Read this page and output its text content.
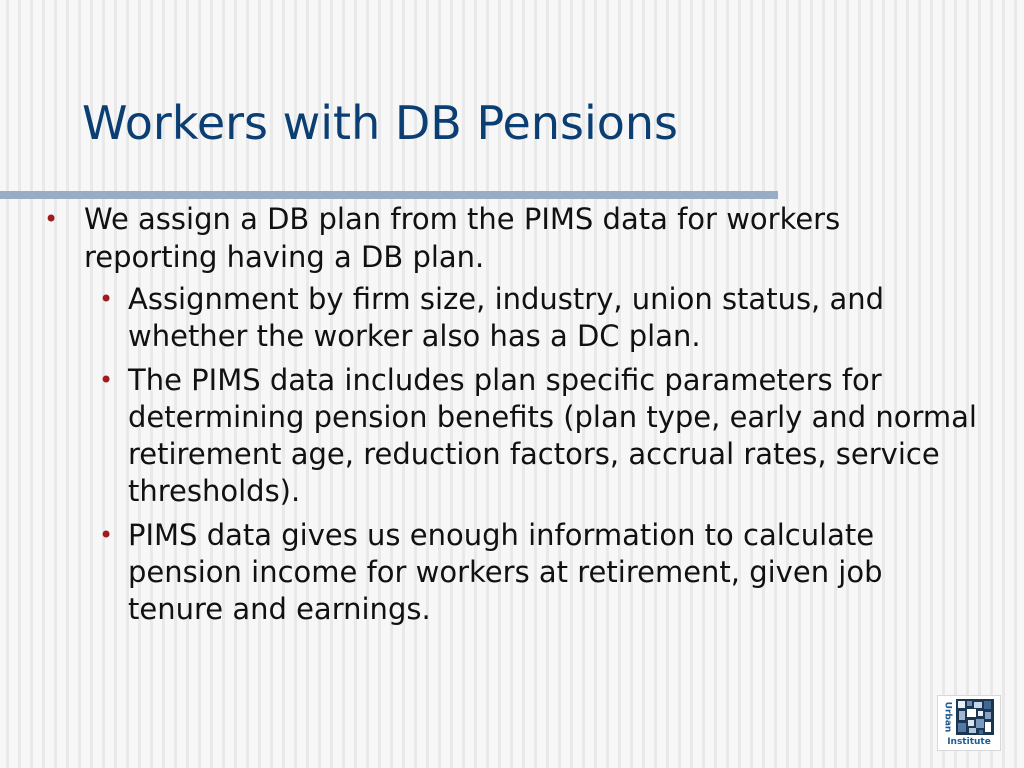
Workers with DB Pensions
• We assign a DB plan from the PIMS data for workers reporting having a DB plan.
• Assignment by firm size, industry, union status, and whether the worker also has a DC plan.
• The PIMS data includes plan specific parameters for determining pension benefits (plan type, early and normal retirement age, reduction factors, accrual rates, service thresholds).
• PIMS data gives us enough information to calculate pension income for workers at retirement, given job tenure and earnings.
Urban
Institute
